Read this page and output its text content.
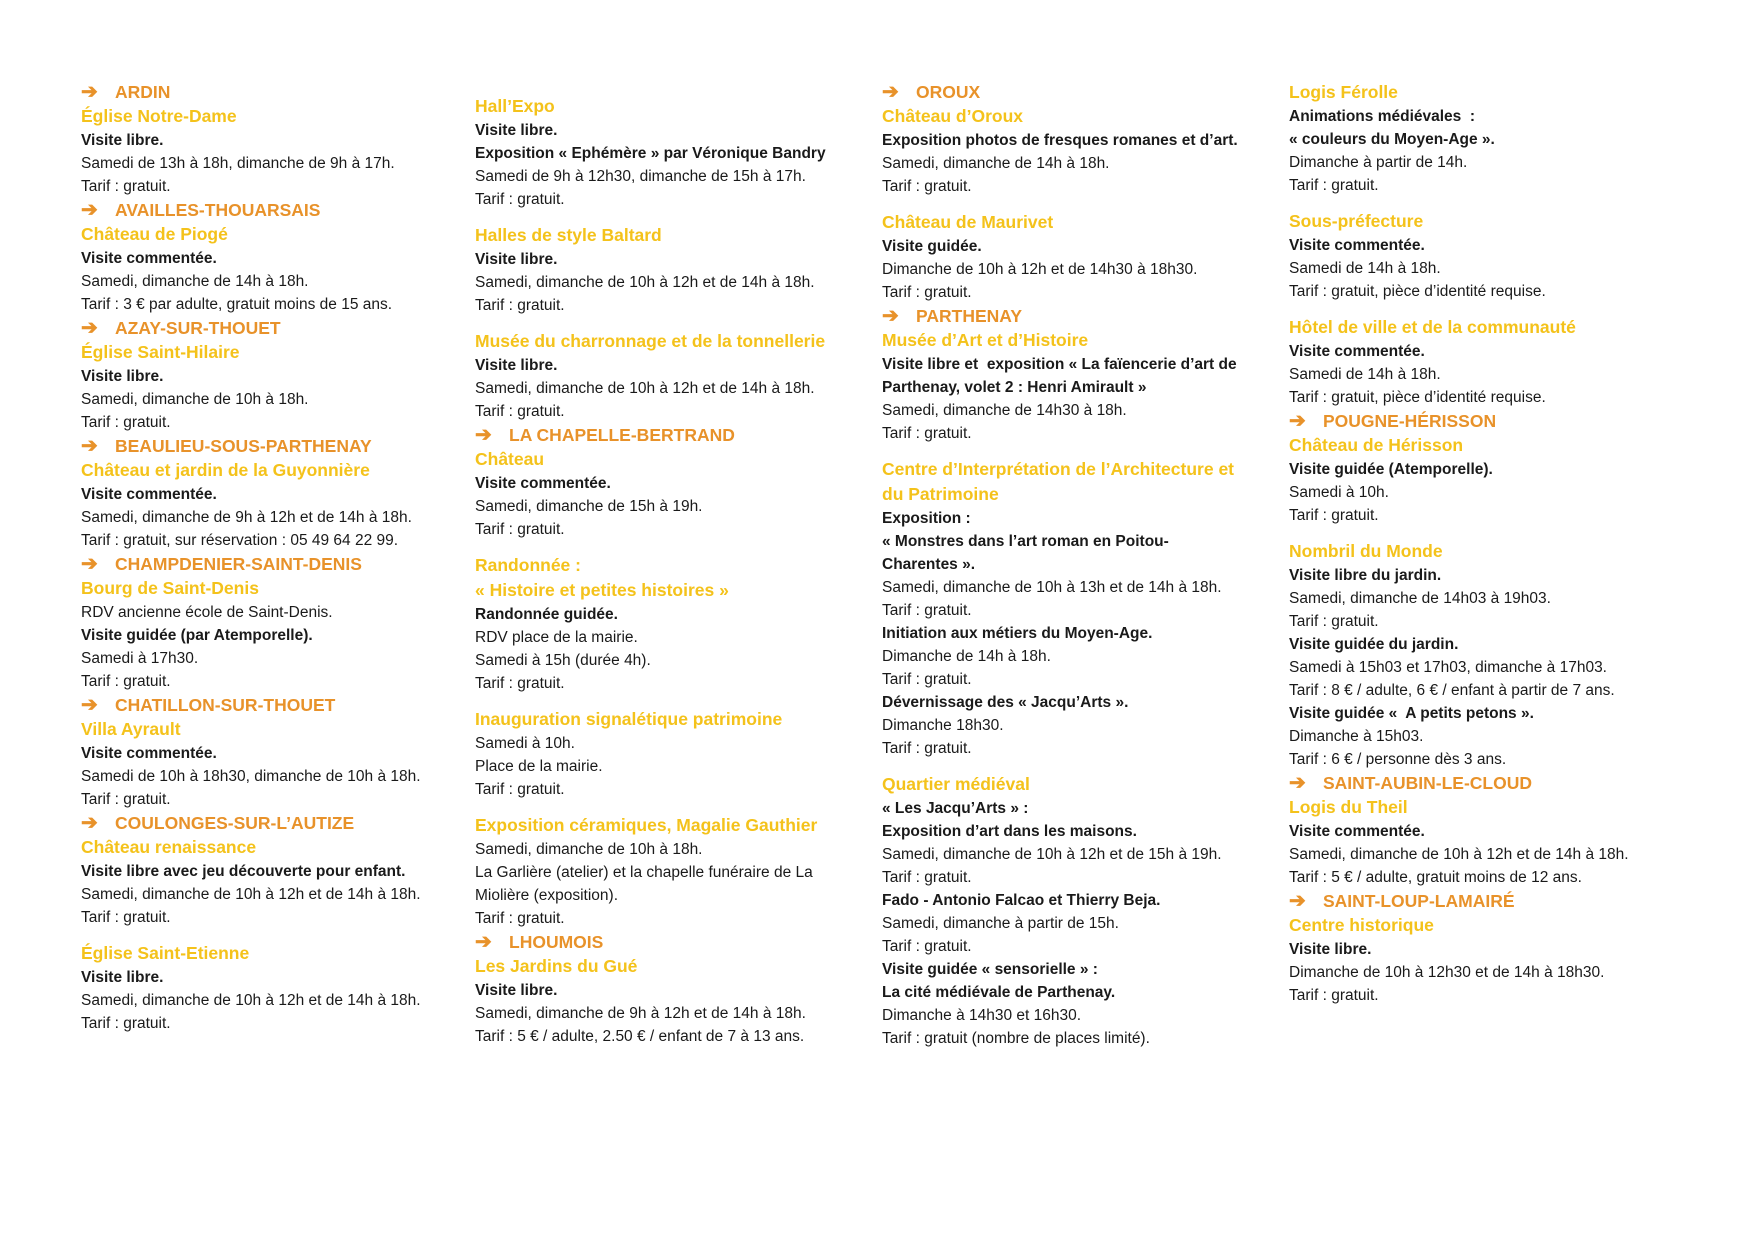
➔ ARDIN
Église Notre-Dame
Visite libre.
Samedi de 13h à 18h, dimanche de 9h à 17h.
Tarif : gratuit.
➔ AVAILLES-THOUARSAIS
Château de Piogé
Visite commentée.
Samedi, dimanche de 14h à 18h.
Tarif : 3 € par adulte, gratuit moins de 15 ans.
➔ AZAY-SUR-THOUET
Église Saint-Hilaire
Visite libre.
Samedi, dimanche de 10h à 18h.
Tarif : gratuit.
➔ BEAULIEU-SOUS-PARTHENAY
Château et jardin de la Guyonnière
Visite commentée.
Samedi, dimanche de 9h à 12h et de 14h à 18h.
Tarif : gratuit, sur réservation : 05 49 64 22 99.
➔ CHAMPDENIER-SAINT-DENIS
Bourg de Saint-Denis
RDV ancienne école de Saint-Denis.
Visite guidée (par Atemporelle).
Samedi à 17h30.
Tarif : gratuit.
➔ CHATILLON-SUR-THOUET
Villa Ayrault
Visite commentée.
Samedi de 10h à 18h30, dimanche de 10h à 18h.
Tarif : gratuit.
➔ COULONGES-SUR-L’AUTIZE
Château renaissance
Visite libre avec jeu découverte pour enfant.
Samedi, dimanche de 10h à 12h et de 14h à 18h.
Tarif : gratuit.
Église Saint-Etienne
Visite libre.
Samedi, dimanche de 10h à 12h et de 14h à 18h.
Tarif : gratuit.
Hall’Expo
Visite libre.
Exposition « Ephémère » par Véronique Bandry
Samedi de 9h à 12h30, dimanche de 15h à 17h.
Tarif : gratuit.
Halles de style Baltard
Visite libre.
Samedi, dimanche de 10h à 12h et de 14h à 18h.
Tarif : gratuit.
Musée du charronnage et de la tonnellerie
Visite libre.
Samedi, dimanche de 10h à 12h et de 14h à 18h.
Tarif : gratuit.
➔ LA CHAPELLE-BERTRAND
Château
Visite commentée.
Samedi, dimanche de 15h à 19h.
Tarif : gratuit.
Randonnée :
« Histoire et petites histoires »
Randonnée guidée.
RDV place de la mairie.
Samedi à 15h (durée 4h).
Tarif : gratuit.
Inauguration signalétique patrimoine
Samedi à 10h.
Place de la mairie.
Tarif : gratuit.
Exposition céramiques, Magalie Gauthier
Samedi, dimanche de 10h à 18h.
La Garlière (atelier) et la chapelle funéraire de La
Miolière (exposition).
Tarif : gratuit.
➔ LHOUMOIS
Les Jardins du Gué
Visite libre.
Samedi, dimanche de 9h à 12h et de 14h à 18h.
Tarif : 5 € / adulte, 2.50 € / enfant de 7 à 13 ans.
➔ OROUX
Château d’Oroux
Exposition photos de fresques romanes et d’art.
Samedi, dimanche de 14h à 18h.
Tarif : gratuit.
Château de Maurivet
Visite guidée.
Dimanche de 10h à 12h et de 14h30 à 18h30.
Tarif : gratuit.
➔ PARTHENAY
Musée d’Art et d’Histoire
Visite libre et  exposition « La faïencerie d’art de
Parthenay, volet 2 : Henri Amirault »
Samedi, dimanche de 14h30 à 18h.
Tarif : gratuit.
Centre d’Interprétation de l’Architecture et
du Patrimoine
Exposition :
« Monstres dans l’art roman en Poitou-
Charentes ».
Samedi, dimanche de 10h à 13h et de 14h à 18h.
Tarif : gratuit.
Initiation aux métiers du Moyen-Age.
Dimanche de 14h à 18h.
Tarif : gratuit.
Dévernissage des « Jacqu’Arts ».
Dimanche 18h30.
Tarif : gratuit.
Quartier médiéval
« Les Jacqu’Arts » :
Exposition d’art dans les maisons.
Samedi, dimanche de 10h à 12h et de 15h à 19h.
Tarif : gratuit.
Fado - Antonio Falcao et Thierry Beja.
Samedi, dimanche à partir de 15h.
Tarif : gratuit.
Visite guidée « sensorielle » :
La cité médiévale de Parthenay.
Dimanche à 14h30 et 16h30.
Tarif : gratuit (nombre de places limité).
Logis Férolle
Animations médiévales  :
« couleurs du Moyen-Age ».
Dimanche à partir de 14h.
Tarif : gratuit.
Sous-préfecture
Visite commentée.
Samedi de 14h à 18h.
Tarif : gratuit, pièce d’identité requise.
Hôtel de ville et de la communauté
Visite commentée.
Samedi de 14h à 18h.
Tarif : gratuit, pièce d’identité requise.
➔ POUGNE-HÉRISSON
Château de Hérisson
Visite guidée (Atemporelle).
Samedi à 10h.
Tarif : gratuit.
Nombril du Monde
Visite libre du jardin.
Samedi, dimanche de 14h03 à 19h03.
Tarif : gratuit.
Visite guidée du jardin.
Samedi à 15h03 et 17h03, dimanche à 17h03.
Tarif : 8 € / adulte, 6 € / enfant à partir de 7 ans.
Visite guidée «  A petits petons ».
Dimanche à 15h03.
Tarif : 6 € / personne dès 3 ans.
➔ SAINT-AUBIN-LE-CLOUD
Logis du Theil
Visite commentée.
Samedi, dimanche de 10h à 12h et de 14h à 18h.
Tarif : 5 € / adulte, gratuit moins de 12 ans.
➔ SAINT-LOUP-LAMAIRÉ
Centre historique
Visite libre.
Dimanche de 10h à 12h30 et de 14h à 18h30.
Tarif : gratuit.
